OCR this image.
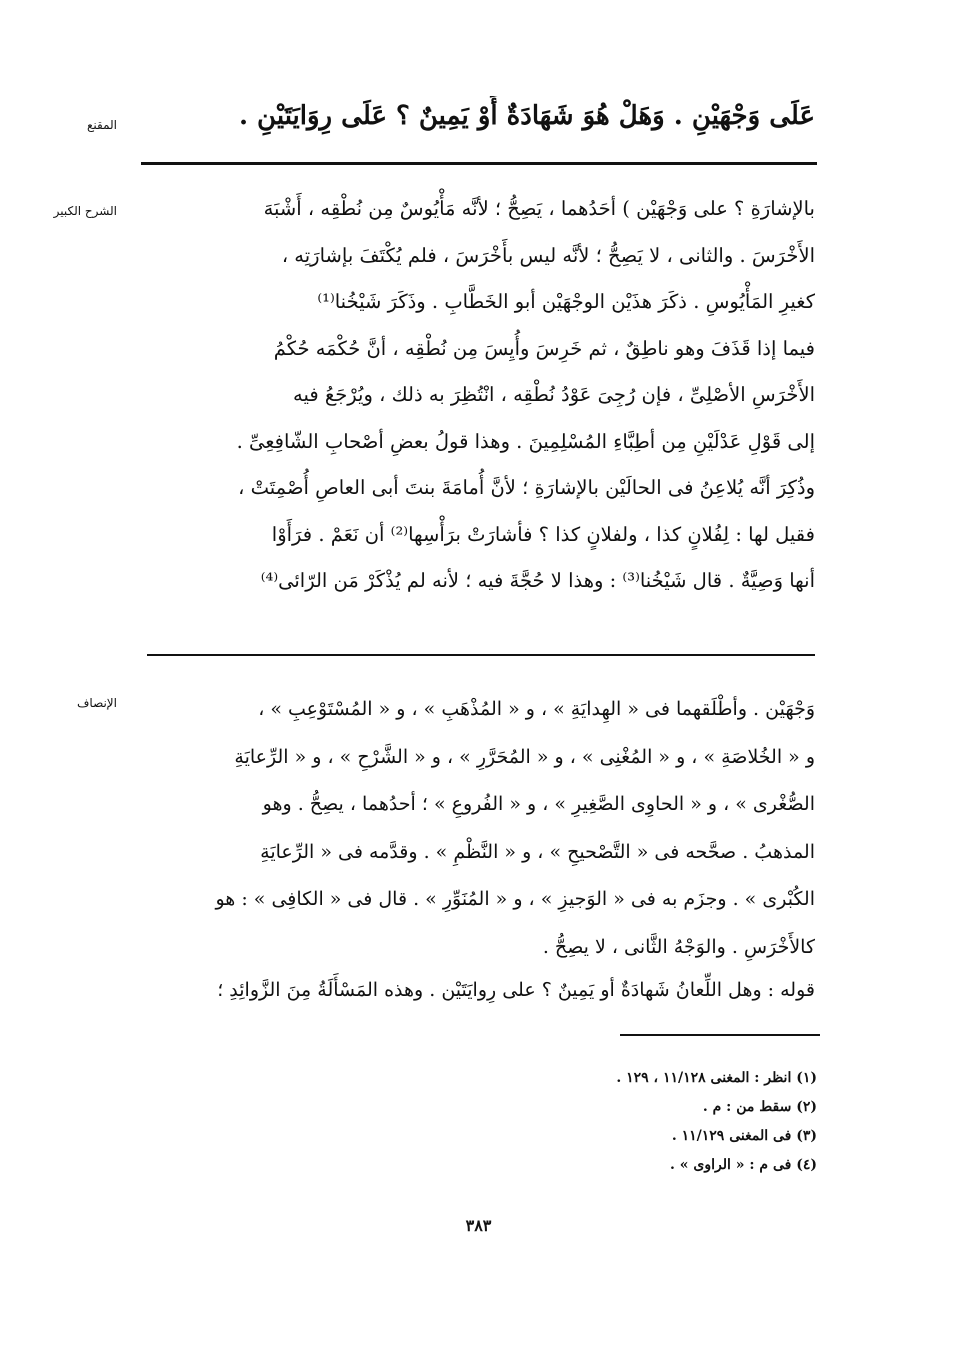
المقنع	عَلَى وَجْهَيْنِ . وَهَلْ هُوَ شَهَادَةٌ أَوْ يَمِينٌ ؟ عَلَى رِوَايَتَيْنِ .
الشرح الكبير	بالإشارَةِ ؟ على وَجْهَيْن ) أحَدُهما ، يَصِحُّ ؛ لأنَّه مَأْيُوسٌ مِن نُطْقِه ، أَشْبَهَ
الأَخْرَسَ . والثانى ، لا يَصِحُّ ؛ لأنَّه ليس بأَخْرَسَ ، فلم يُكْتَفَ بإشارَتِه ،
كغيرِ المَأْيُوسِ . ذكَرَ هذَيْن الوجْهَيْن أبو الخَطَّابِ . وذَكَرَ شَيْخُنا⁽¹⁾
فيما إذا قَذَفَ وهو ناطِقٌ ، ثم خَرِسَ وأُيِسَ مِن نُطْقِه ، أنَّ حُكْمَه حُكْمُ
الأَخْرَسِ الأصْلِىِّ ، فإن رُجِىَ عَوْدُ نُطْقِه ، انْتُظِرَ به ذلك ، ويُرْجَعُ فيه
إلى قَوْلِ عَدْلَيْنِ مِن أطِبَّاءِ المُسْلِمِينَ . وهذا قولُ بعضِ أصْحابِ الشّافِعِىِّ .
وذُكِرَ أنَّه يُلاعِنُ فى الحالَيْن بالإشارَةِ ؛ لأنَّ أُمامَةَ بنتَ أبى العاصِ أُصْمِتَتْ ،
فقيل لها : لِفُلانٍ كذا ، ولفلانٍ كذا ؟ فأشارَتْ برَأْسِها⁽²⁾ أن نَعَمْ . فرَأَوْا
أنها وَصِيَّةٌ . قال شَيْخُنا⁽³⁾ : وهذا لا حُجَّةَ فيه ؛ لأنه لم يُذْكَرْ مَن الرّائى⁽⁴⁾
الإنصاف	وَجْهَيْن . وأطْلَقهما فى « الهِدايَةِ » ، و « المُذْهَبِ » ، و « المُسْتَوْعِبِ » ،
و « الخُلاصَةِ » ، و « المُغْنِى » ، و « المُحَرَّرِ » ، و « الشَّرْحِ » ، و « الرِّعايَةِ
الصُّغْرى » ، و « الحاوِى الصَّغِيرِ » ، و « الفُروعِ » ؛ أحدُهما ، يصِحُّ . وهو
المذهبُ . صحَّحه فى « التَّصْحيحِ » ، و « النَّظْمِ » . وقدَّمه فى « الرِّعايَةِ
الكُبْرى » . وجزَم به فى « الوَجيزِ » ، و « المُنَوِّرِ » . قال فى « الكافِى » : هو
كالأَخْرَسِ . والوَجْهُ الثَّانى ، لا يصِحُّ .
قوله : وهل اللِّعانُ شَهادَةٌ أو يَمِينٌ ؟ على رِوايَتَيْن . وهذه المَسْأَلَةُ مِنَ الزَّوائِدِ ؛
(١) انظر : المغنى ١١/١٢٨ ، ١٢٩ .
(٢) سقط من : م .
(٣) فى المغنى ١١/١٢٩ .
(٤) فى م : « الراوى » .
٣٨٣
